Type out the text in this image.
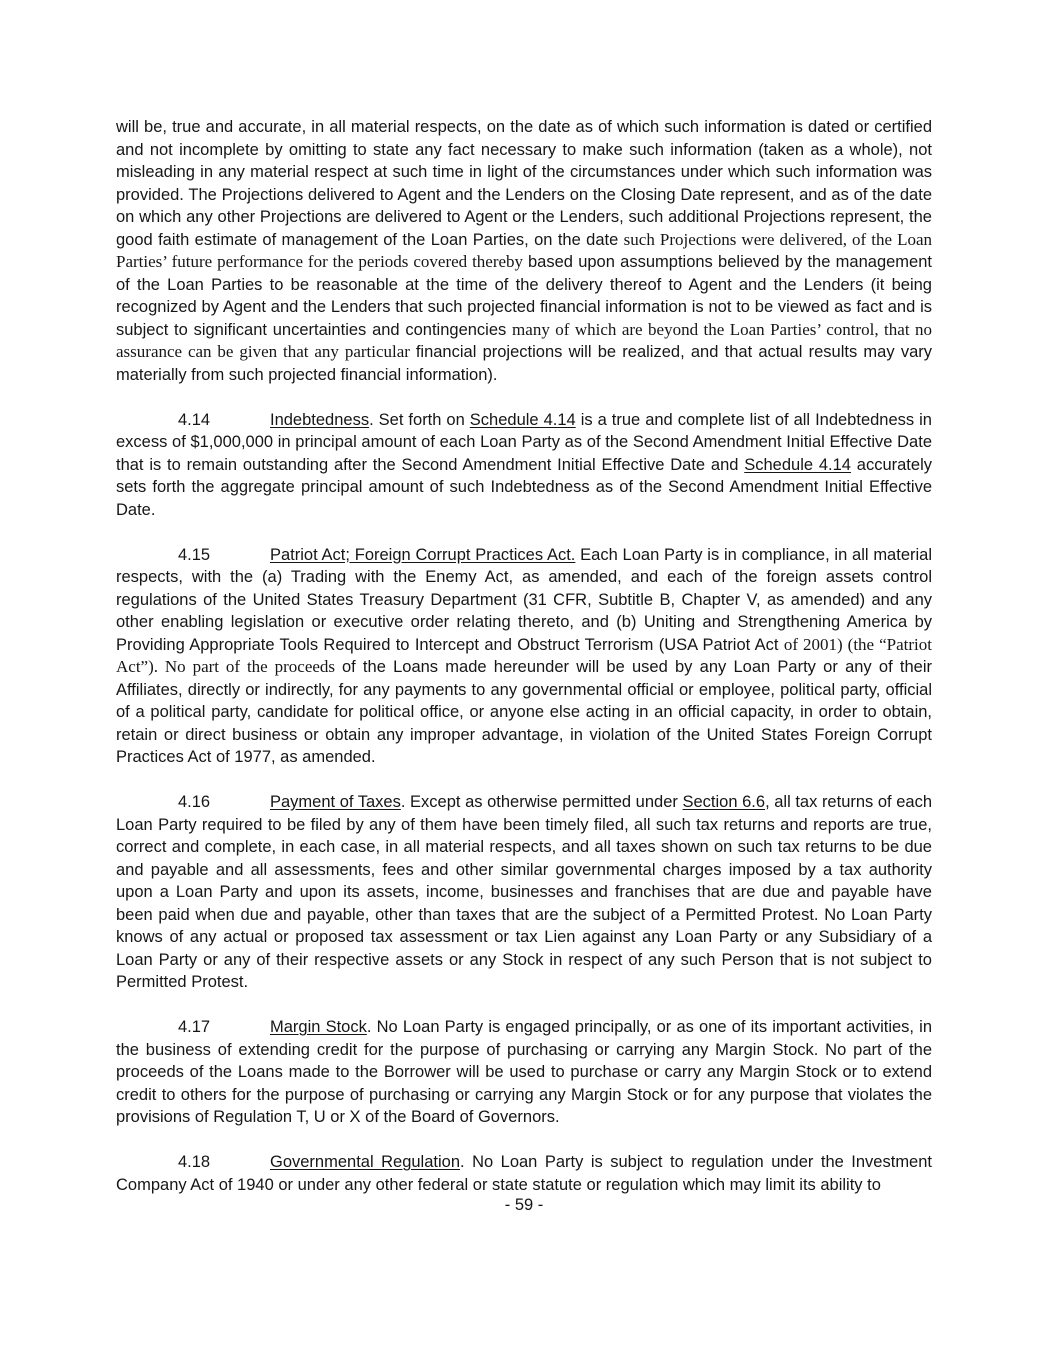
will be, true and accurate, in all material respects, on the date as of which such information is dated or certified and not incomplete by omitting to state any fact necessary to make such information (taken as a whole), not misleading in any material respect at such time in light of the circumstances under which such information was provided. The Projections delivered to Agent and the Lenders on the Closing Date represent, and as of the date on which any other Projections are delivered to Agent or the Lenders, such additional Projections represent, the good faith estimate of management of the Loan Parties, on the date such Projections were delivered, of the Loan Parties’ future performance for the periods covered thereby based upon assumptions believed by the management of the Loan Parties to be reasonable at the time of the delivery thereof to Agent and the Lenders (it being recognized by Agent and the Lenders that such projected financial information is not to be viewed as fact and is subject to significant uncertainties and contingencies many of which are beyond the Loan Parties’ control, that no assurance can be given that any particular financial projections will be realized, and that actual results may vary materially from such projected financial information).

4.14	Indebtedness. Set forth on Schedule 4.14 is a true and complete list of all Indebtedness in excess of $1,000,000 in principal amount of each Loan Party as of the Second Amendment Initial Effective Date that is to remain outstanding after the Second Amendment Initial Effective Date and Schedule 4.14 accurately sets forth the aggregate principal amount of such Indebtedness as of the Second Amendment Initial Effective Date.

4.15	Patriot Act; Foreign Corrupt Practices Act. Each Loan Party is in compliance, in all material respects, with the (a) Trading with the Enemy Act, as amended, and each of the foreign assets control regulations of the United States Treasury Department (31 CFR, Subtitle B, Chapter V, as amended) and any other enabling legislation or executive order relating thereto, and (b) Uniting and Strengthening America by Providing Appropriate Tools Required to Intercept and Obstruct Terrorism (USA Patriot Act of 2001) (the “Patriot Act”). No part of the proceeds of the Loans made hereunder will be used by any Loan Party or any of their Affiliates, directly or indirectly, for any payments to any governmental official or employee, political party, official of a political party, candidate for political office, or anyone else acting in an official capacity, in order to obtain, retain or direct business or obtain any improper advantage, in violation of the United States Foreign Corrupt Practices Act of 1977, as amended.

4.16	Payment of Taxes. Except as otherwise permitted under Section 6.6, all tax returns of each Loan Party required to be filed by any of them have been timely filed, all such tax returns and reports are true, correct and complete, in each case, in all material respects, and all taxes shown on such tax returns to be due and payable and all assessments, fees and other similar governmental charges imposed by a tax authority upon a Loan Party and upon its assets, income, businesses and franchises that are due and payable have been paid when due and payable, other than taxes that are the subject of a Permitted Protest. No Loan Party knows of any actual or proposed tax assessment or tax Lien against any Loan Party or any Subsidiary of a Loan Party or any of their respective assets or any Stock in respect of any such Person that is not subject to Permitted Protest.

4.17	Margin Stock. No Loan Party is engaged principally, or as one of its important activities, in the business of extending credit for the purpose of purchasing or carrying any Margin Stock. No part of the proceeds of the Loans made to the Borrower will be used to purchase or carry any Margin Stock or to extend credit to others for the purpose of purchasing or carrying any Margin Stock or for any purpose that violates the provisions of Regulation T, U or X of the Board of Governors.

4.18	Governmental Regulation. No Loan Party is subject to regulation under the Investment Company Act of 1940 or under any other federal or state statute or regulation which may limit its ability to

- 59 -
